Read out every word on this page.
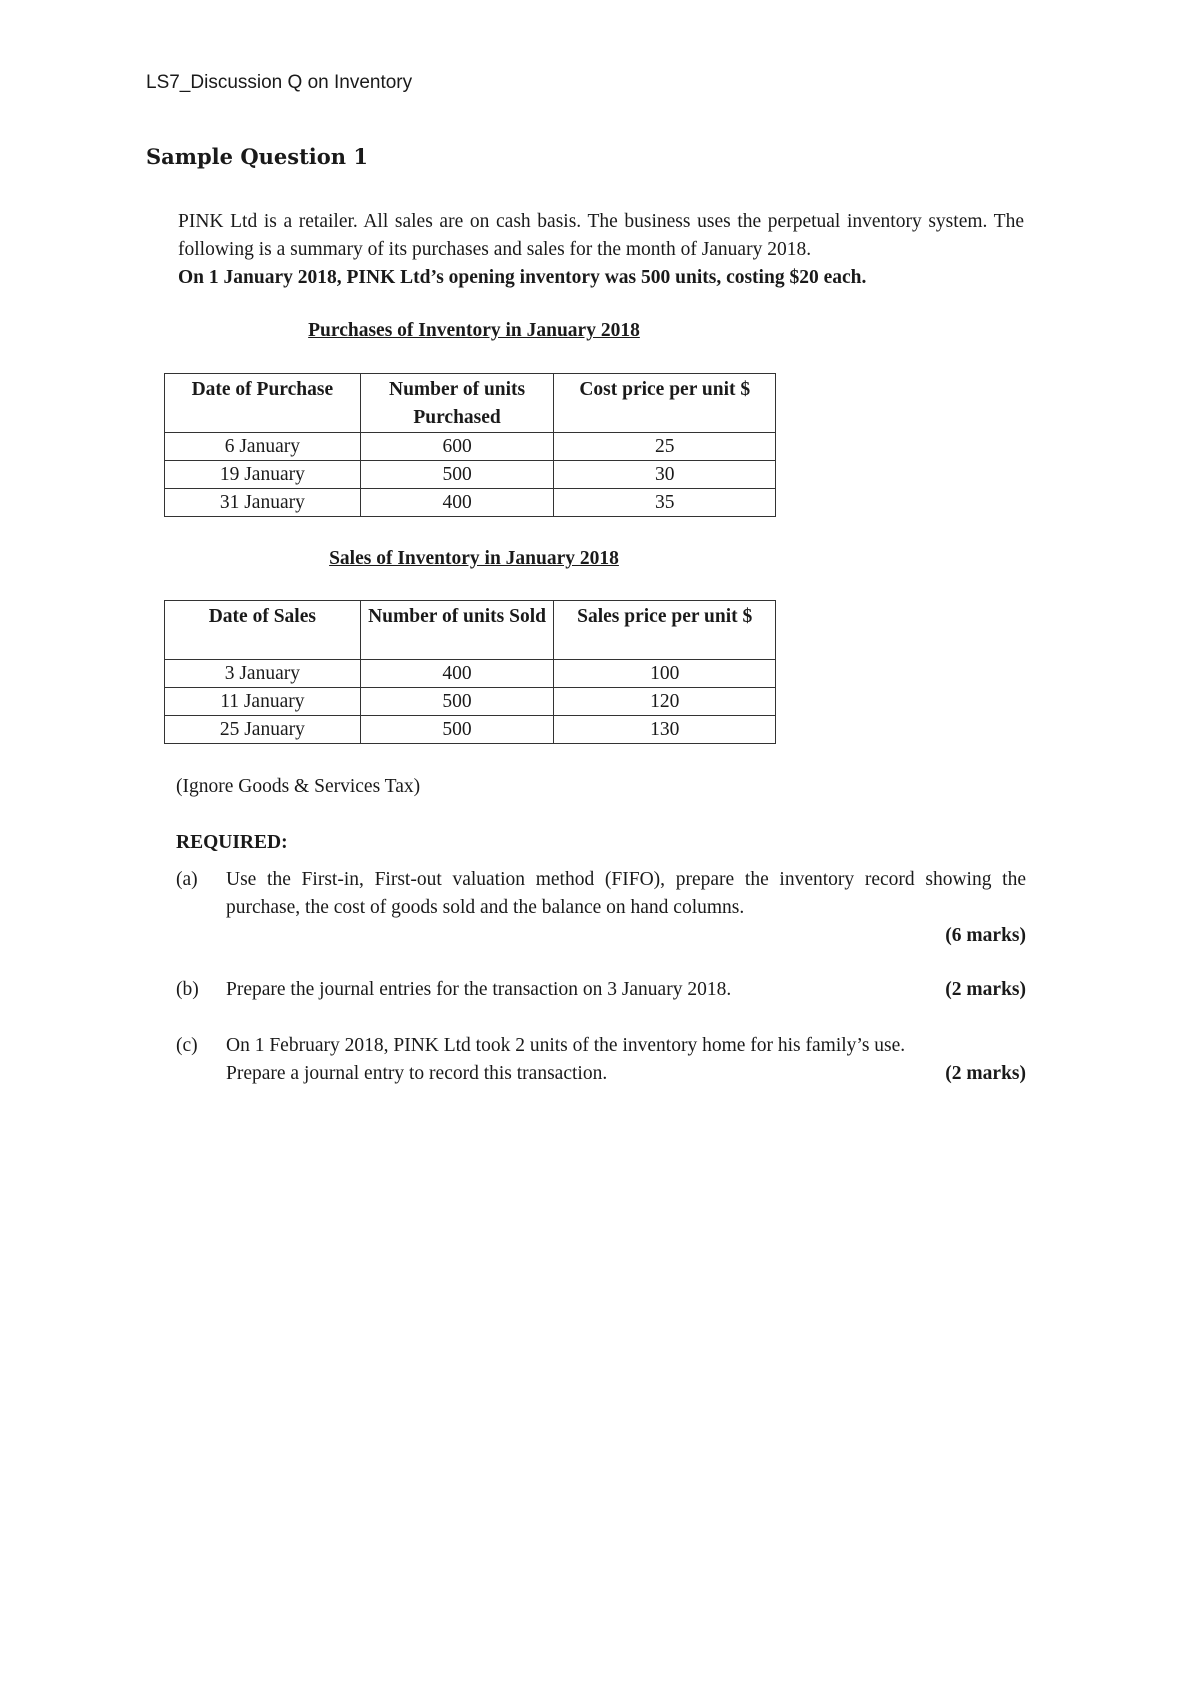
LS7_Discussion Q on Inventory
Sample Question 1

PINK Ltd is a retailer. All sales are on cash basis. The business uses the perpetual inventory system. The following is a summary of its purchases and sales for the month of January 2018.
On 1 January 2018, PINK Ltd’s opening inventory was 500 units, costing $20 each.

Purchases of Inventory in January 2018
Date of Purchase	Number of units Purchased	Cost price per unit $
6 January	600	25
19 January	500	30
31 January	400	35
Sales of Inventory in January 2018
Date of Sales	Number of units Sold	Sales price per unit $
3 January	400	100
11 January	500	120
25 January	500	130
(Ignore Goods & Services Tax)
REQUIRED:
(a) Use the First-in, First-out valuation method (FIFO), prepare the inventory record showing the purchase, the cost of goods sold and the balance on hand columns.
(6 marks)
(b) Prepare the journal entries for the transaction on 3 January 2018.	(2 marks)
(c) On 1 February 2018, PINK Ltd took 2 units of the inventory home for his family’s use.
Prepare a journal entry to record this transaction.	(2 marks)
